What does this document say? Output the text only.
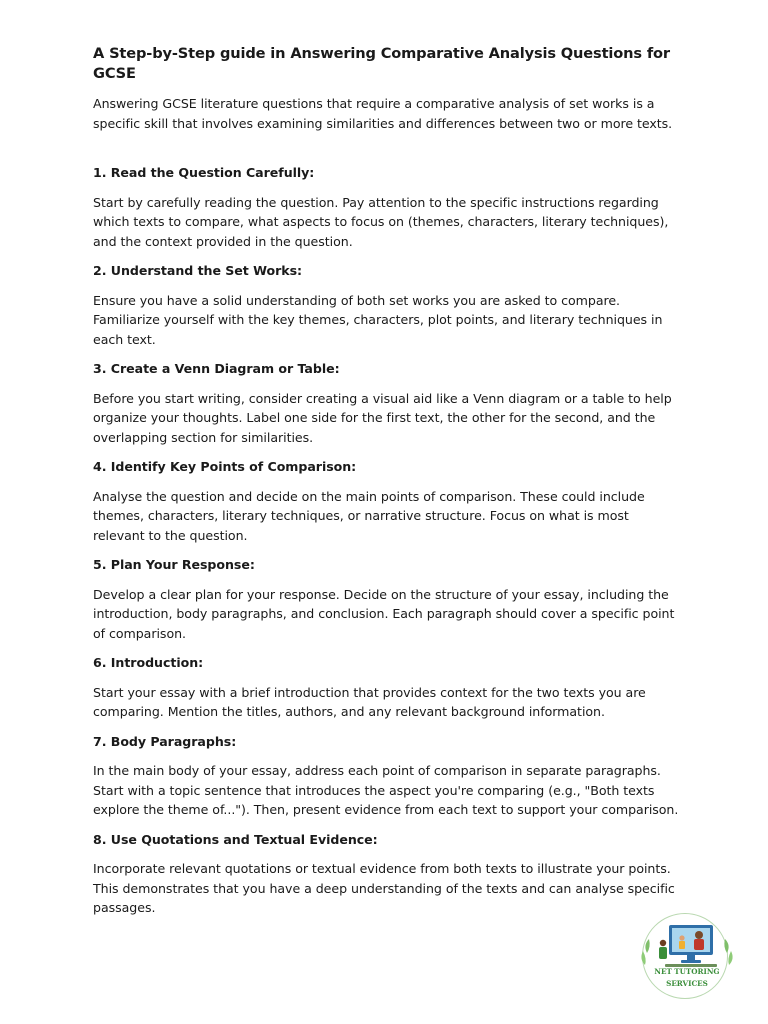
A Step-by-Step guide in Answering Comparative Analysis Questions for GCSE

Answering GCSE literature questions that require a comparative analysis of set works is a specific skill that involves examining similarities and differences between two or more texts.

1. Read the Question Carefully:

Start by carefully reading the question. Pay attention to the specific instructions regarding which texts to compare, what aspects to focus on (themes, characters, literary techniques), and the context provided in the question.

2. Understand the Set Works:

Ensure you have a solid understanding of both set works you are asked to compare. Familiarize yourself with the key themes, characters, plot points, and literary techniques in each text.

3. Create a Venn Diagram or Table:

Before you start writing, consider creating a visual aid like a Venn diagram or a table to help organize your thoughts. Label one side for the first text, the other for the second, and the overlapping section for similarities.

4. Identify Key Points of Comparison:

Analyse the question and decide on the main points of comparison. These could include themes, characters, literary techniques, or narrative structure. Focus on what is most relevant to the question.

5. Plan Your Response:

Develop a clear plan for your response. Decide on the structure of your essay, including the introduction, body paragraphs, and conclusion. Each paragraph should cover a specific point of comparison.

6. Introduction:

Start your essay with a brief introduction that provides context for the two texts you are comparing. Mention the titles, authors, and any relevant background information.

7. Body Paragraphs:

In the main body of your essay, address each point of comparison in separate paragraphs. Start with a topic sentence that introduces the aspect you're comparing (e.g., "Both texts explore the theme of..."). Then, present evidence from each text to support your comparison.

8. Use Quotations and Textual Evidence:

Incorporate relevant quotations or textual evidence from both texts to illustrate your points. This demonstrates that you have a deep understanding of the texts and can analyse specific passages.

NET TUTORING
SERVICES
